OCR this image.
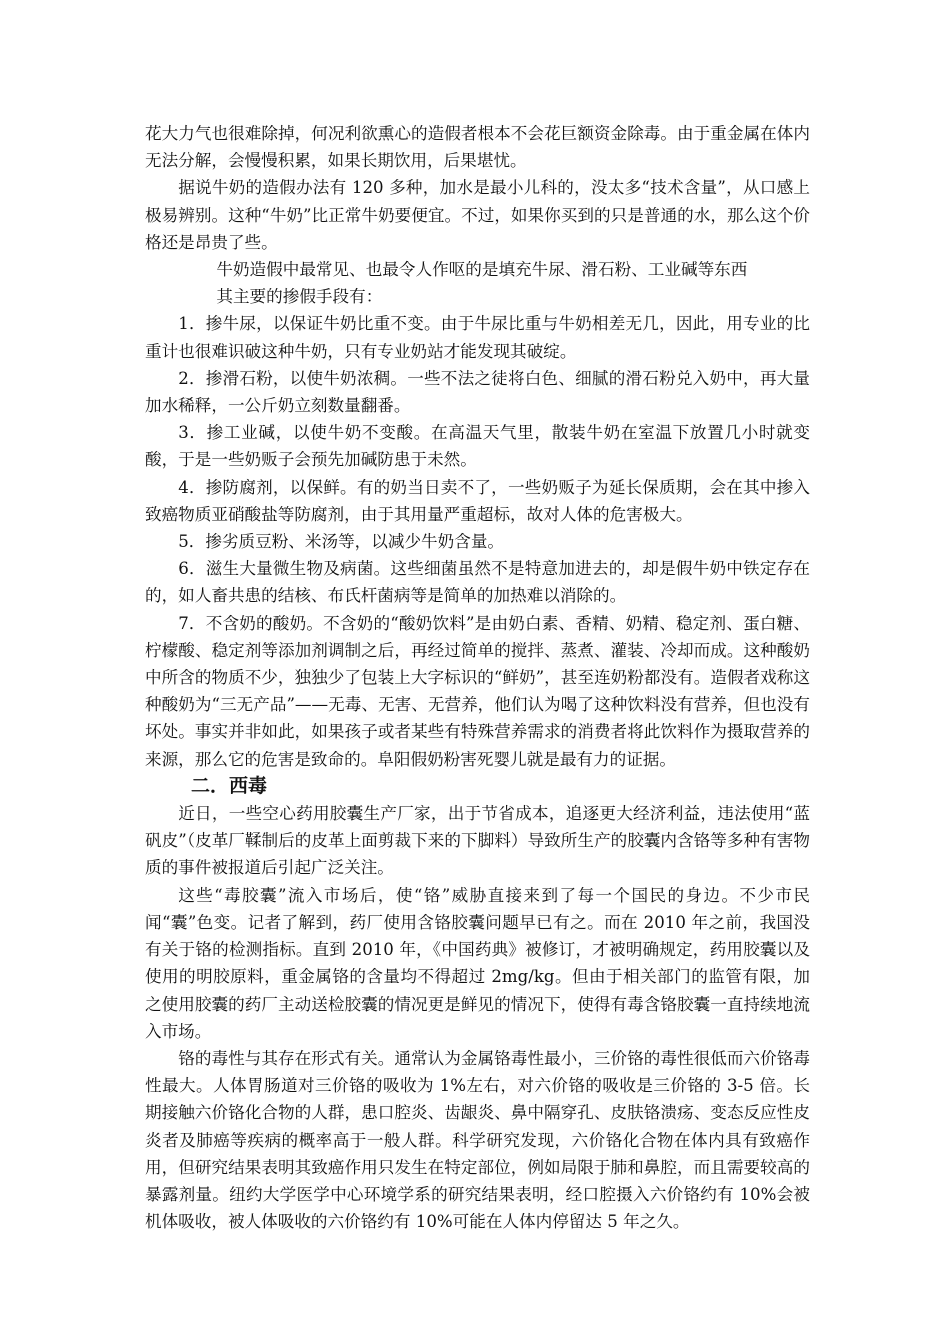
花大力气也很难除掉，何况利欲熏心的造假者根本不会花巨额资金除毒。由于重金属在体内无法分解，会慢慢积累，如果长期饮用，后果堪忧。

据说牛奶的造假办法有 120 多种，加水是最小儿科的，没太多“技术含量”，从口感上极易辨别。这种“牛奶”比正常牛奶要便宜。不过，如果你买到的只是普通的水，那么这个价格还是昂贵了些。

牛奶造假中最常见、也最令人作呕的是填充牛尿、滑石粉、工业碱等东西

其主要的掺假手段有：

1．掺牛尿，以保证牛奶比重不变。由于牛尿比重与牛奶相差无几，因此，用专业的比重计也很难识破这种牛奶，只有专业奶站才能发现其破绽。

2．掺滑石粉，以使牛奶浓稠。一些不法之徒将白色、细腻的滑石粉兑入奶中，再大量加水稀释，一公斤奶立刻数量翻番。

3．掺工业碱，以使牛奶不变酸。在高温天气里，散装牛奶在室温下放置几小时就变酸，于是一些奶贩子会预先加碱防患于未然。

4．掺防腐剂，以保鲜。有的奶当日卖不了，一些奶贩子为延长保质期，会在其中掺入致癌物质亚硝酸盐等防腐剂，由于其用量严重超标，故对人体的危害极大。

5．掺劣质豆粉、米汤等，以减少牛奶含量。

6．滋生大量微生物及病菌。这些细菌虽然不是特意加进去的，却是假牛奶中铁定存在的，如人畜共患的结核、布氏杆菌病等是简单的加热难以消除的。

7．不含奶的酸奶。不含奶的“酸奶饮料”是由奶白素、香精、奶精、稳定剂、蛋白糖、柠檬酸、稳定剂等添加剂调制之后，再经过简单的搅拌、蒸煮、灌装、冷却而成。这种酸奶中所含的物质不少，独独少了包装上大字标识的“鲜奶”，甚至连奶粉都没有。造假者戏称这种酸奶为“三无产品”——无毒、无害、无营养，他们认为喝了这种饮料没有营养，但也没有坏处。事实并非如此，如果孩子或者某些有特殊营养需求的消费者将此饮料作为摄取营养的来源，那么它的危害是致命的。阜阳假奶粉害死婴儿就是最有力的证据。

二．西毒

近日，一些空心药用胶囊生产厂家，出于节省成本，追逐更大经济利益，违法使用“蓝矾皮”（皮革厂鞣制后的皮革上面剪裁下来的下脚料）导致所生产的胶囊内含铬等多种有害物质的事件被报道后引起广泛关注。

这些“毒胶囊”流入市场后，使“铬”威胁直接来到了每一个国民的身边。不少市民闻“囊”色变。记者了解到，药厂使用含铬胶囊问题早已有之。而在 2010 年之前，我国没有关于铬的检测指标。直到 2010 年，《中国药典》被修订，才被明确规定，药用胶囊以及使用的明胶原料，重金属铬的含量均不得超过 2mg/kg。但由于相关部门的监管有限，加之使用胶囊的药厂主动送检胶囊的情况更是鲜见的情况下，使得有毒含铬胶囊一直持续地流入市场。

铬的毒性与其存在形式有关。通常认为金属铬毒性最小，三价铬的毒性很低而六价铬毒性最大。人体胃肠道对三价铬的吸收为 1%左右，对六价铬的吸收是三价铬的 3-5 倍。长期接触六价铬化合物的人群，患口腔炎、齿龈炎、鼻中隔穿孔、皮肤铬溃疡、变态反应性皮炎者及肺癌等疾病的概率高于一般人群。科学研究发现，六价铬化合物在体内具有致癌作用，但研究结果表明其致癌作用只发生在特定部位，例如局限于肺和鼻腔，而且需要较高的暴露剂量。纽约大学医学中心环境学系的研究结果表明，经口腔摄入六价铬约有 10%会被机体吸收，被人体吸收的六价铬约有 10%可能在人体内停留达 5 年之久。
